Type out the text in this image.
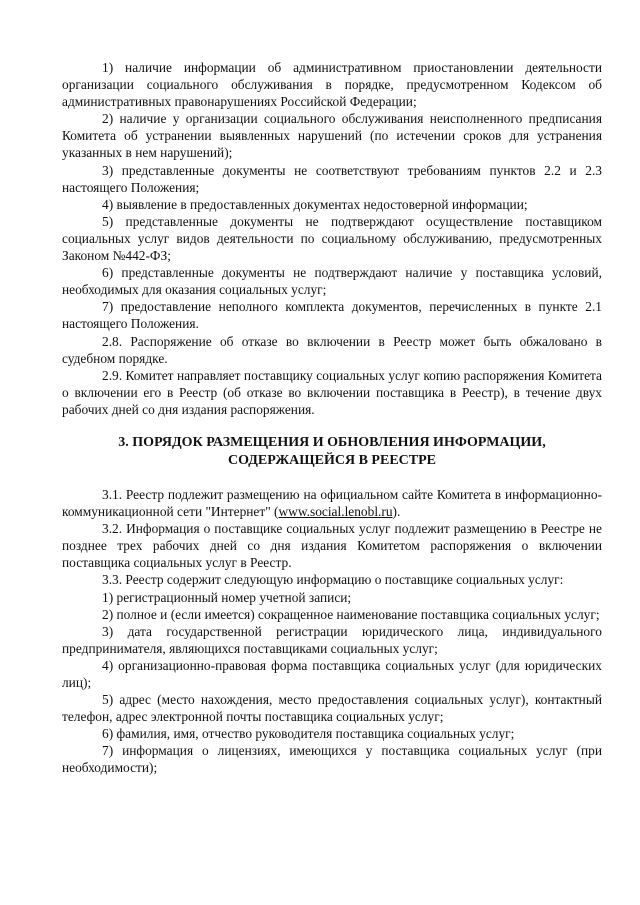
1) наличие информации об административном приостановлении деятельности организации социального обслуживания в порядке, предусмотренном Кодексом об административных правонарушениях Российской Федерации;

2) наличие у организации социального обслуживания неисполненного предписания Комитета об устранении выявленных нарушений (по истечении сроков для устранения указанных в нем нарушений);

3) представленные документы не соответствуют требованиям пунктов 2.2 и 2.3 настоящего Положения;

4) выявление в предоставленных документах недостоверной информации;

5) представленные документы не подтверждают осуществление поставщиком социальных услуг видов деятельности по социальному обслуживанию, предусмотренных Законом №442-ФЗ;

6) представленные документы не подтверждают наличие у поставщика условий, необходимых для оказания социальных услуг;

7) предоставление неполного комплекта документов, перечисленных в пункте 2.1 настоящего Положения.

2.8. Распоряжение об отказе во включении в Реестр может быть обжаловано в судебном порядке.

2.9. Комитет направляет поставщику социальных услуг копию распоряжения Комитета о включении его в Реестр (об отказе во включении поставщика в Реестр), в течение двух рабочих дней со дня издания распоряжения.

3. ПОРЯДОК РАЗМЕЩЕНИЯ И ОБНОВЛЕНИЯ ИНФОРМАЦИИ,
СОДЕРЖАЩЕЙСЯ В РЕЕСТРЕ

3.1. Реестр подлежит размещению на официальном сайте Комитета в информационно-коммуникационной сети "Интернет" (www.social.lenobl.ru).

3.2. Информация о поставщике социальных услуг подлежит размещению в Реестре не позднее трех рабочих дней со дня издания Комитетом распоряжения о включении поставщика социальных услуг в Реестр.

3.3. Реестр содержит следующую информацию о поставщике социальных услуг:

1) регистрационный номер учетной записи;

2) полное и (если имеется) сокращенное наименование поставщика социальных услуг;

3) дата государственной регистрации юридического лица, индивидуального предпринимателя, являющихся поставщиками социальных услуг;

4) организационно-правовая форма поставщика социальных услуг (для юридических лиц);

5) адрес (место нахождения, место предоставления социальных услуг), контактный телефон, адрес электронной почты поставщика социальных услуг;

6) фамилия, имя, отчество руководителя поставщика социальных услуг;

7) информация о лицензиях, имеющихся у поставщика социальных услуг (при необходимости);
